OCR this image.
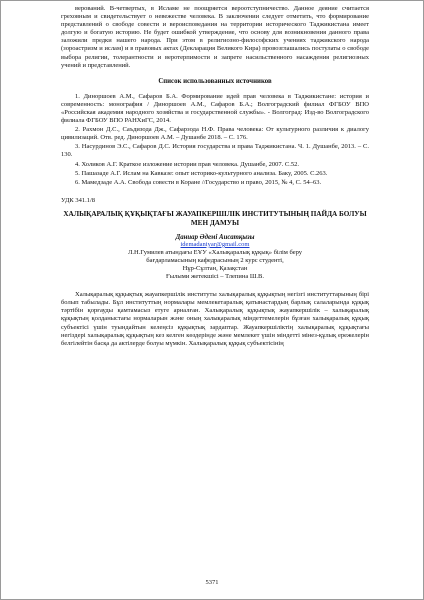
верований. В-четвертых, в Исламе не поощряется вероотступничество. Данное деяние считается греховным и свидетельствует о невежестве человека. В заключении следует отметить, что формирование представлений о свободе совести и вероисповедания на территории исторического Таджикистана имеет долгую и богатую историю. Не будет ошибкой утверждение, что основу для возникновения данного права заложили предки нашего народа. При этом в религиозно-философских учениях таджикского народа (зороастризм и ислам) и в правовых актах (Декларация Великого Кира) провозглашались постулаты о свободе выбора религии, толерантности и веротерпимости и запрете насильственного насаждения религиозных учений и представлений.

Список использованных источников

1. Диноршоев А.М., Сафаров Б.А. Формирование идей прав человека в Таджикистане: история и современность: монография / Диноршоев А.М., Сафаров Б.А.; Волгоградский филиал ФГБОУ ВПО «Российская академия народного хозяйства и государственной службы». - Волгоград: Изд-во Волгоградского филиала ФГБОУ ВПО РАНХиГС, 2014.

2. Рахмон Д.С., Саъдизода Дж., Сафарзода Н.Ф. Права человека: От культурного различия к диалогу цивилизаций. Отв. ред. Диноршоев А.М. – Душанбе 2018. – С. 176.

3. Насурдинов Э.С., Сафаров Д.С. История государства и права Таджикистана. Ч. 1. Душанбе, 2013. – С. 130.

4. Холиков А.Г. Краткое изложение истории прав человека. Душанбе, 2007. С.52.

5. Пашазаде А.Г. Ислам на Кавказе: опыт историко-культурного анализа. Баку, 2005. С.263.

6. Мамедзаде А.А. Свобода совести в Коране //Государство и право, 2015, № 4, С. 54–63.

УДК 341.1/8
ХАЛЫҚАРАЛЫҚ ҚҰҚЫҚТАҒЫ ЖАУАПКЕРШІЛІК ИНСТИТУТЫНЫҢ ПАЙДА БОЛУЫ МЕН ДАМУЫ
Даниар Әдемі Аисатқызы
idemadaniyar@gmail.com
Л.Н.Гумилев атындағы ЕҰУ «Халықаралық құқық» білім беру
бағдарламасының кафедрасының 2 курс студенті,
Нұр-Сұлтан, Қазақстан
Ғылыми жетекшісі – Тлепина Ш.В.

Халықаралық құқықтық жауапкершілік институты халықаралық құқықтың негізгі институттарының бірі болып табылады. Бұл институттың нормалары мемлекетаралық қатынастардың барлық салаларында құқық тәртібін қорғауды қамтамасыз етуге арналған. Халықаралық құқықтық жауапкершілік – халықаралық құқықтың қолданыстағы нормаларын және оның халықаралық міндеттемелерін бұзған халықаралық құқық субъектісі үшін туындайтын келеңсіз құқықтық зардаптар. Жауапкершіліктің халықаралық құқықтағы негіздері халықаралық құқықтың кез келген көздерінде және мемлекет үшін міндетті мінез-құлық ережелерін белгілейтін басқа да актілерде болуы мүмкін. Халықаралық құқық субъектісінің

5371
